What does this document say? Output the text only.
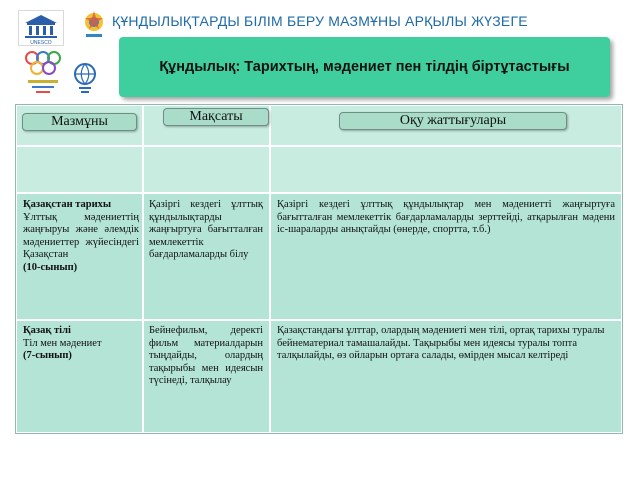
UNESCO
ҚҰНДЫЛЫҚТАРДЫ БІЛІМ БЕРУ МАЗМҰНЫ АРҚЫЛЫ ЖҮЗЕГЕ
Құндылық: Тарихтың, мәдениет пен тілдің біртұтастығы
Қазақстан тарихы
Ұлттық мәдениеттің жаңғыруы және әлемдік мәдениеттер жүйесіндегі Қазақстан
(10-сынып)
Қазіргі кездегі ұлттық құндылықтарды жаңғыртуға бағытталған мемлекеттік бағдарламаларды білу
Қазіргі кездегі ұлттық құндылықтар мен мәдениетті жаңғыртуға бағытталған мемлекеттік бағдарламаларды зерттейді, атқарылған мәдени іс-шараларды анықтайды (өнерде, спортта, т.б.)
Қазақ тілі
Тіл мен мәдениет
(7-сынып)
Бейнефильм, деректі фильм материалдарын тыңдайды, олардың тақырыбы мен идеясын түсінеді, талқылау
Қазақстандағы ұлттар, олардың мәдениеті мен тілі, ортақ тарихы туралы бейнематериал тамашалайды. Тақырыбы мен идеясы туралы топта талқылайды, өз ойларын ортаға салады, өмірден мысал келтіреді
Мазмұны	Мақсаты	Оқу жаттығулары
